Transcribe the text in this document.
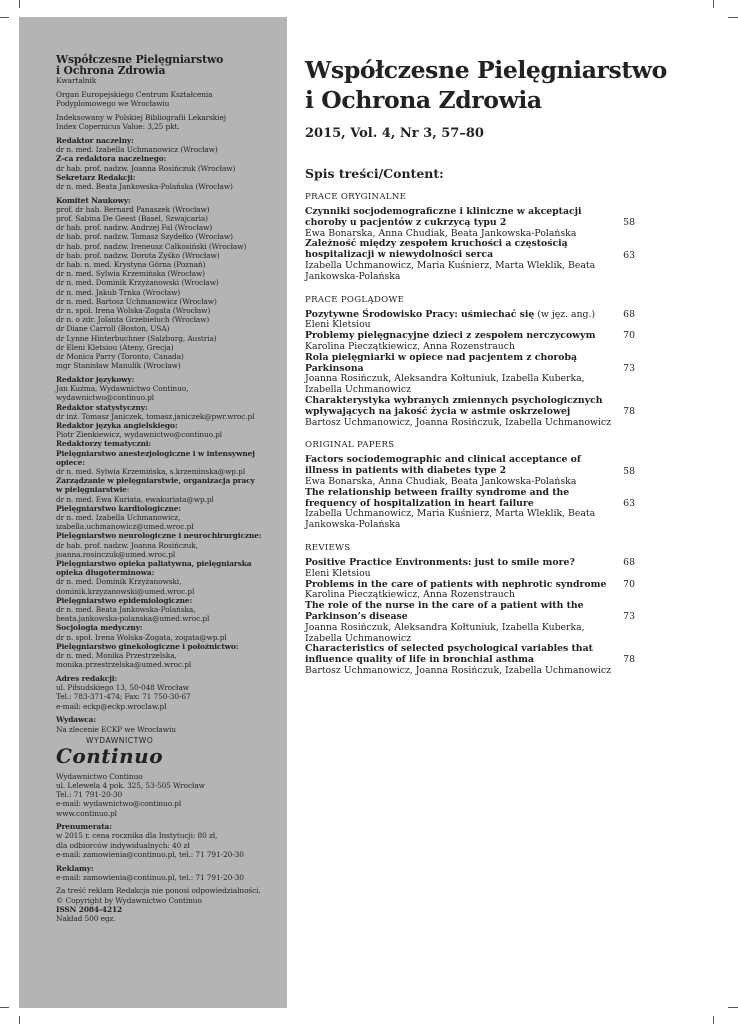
Współczesne Pielęgniarstwo
i Ochrona Zdrowia
Kwartalnik
Organ Europejskiego Centrum Kształcenia
Podyplomowego we Wrocławiu
Indeksowany w Polskiej Bibliografii Lekarskiej
Index Copernicus Value: 3,25 pkt.
Redaktor naczelny:
dr n. med. Izabella Uchmanowicz (Wrocław)
Z-ca redaktora naczelnego:
dr hab. prof. nadzw. Joanna Rosińczuk (Wrocław)
Sekretarz Redakcji:
dr n. med. Beata Jankowska-Polańska (Wrocław)
Komitet Naukowy:
prof. dr hab. Bernard Panaszek (Wrocław)
prof. Sabina De Geest (Basel, Szwajcaria)
dr hab. prof. nadzw. Andrzej Fal (Wrocław)
dr hab. prof. nadzw. Tomasz Szydełko (Wrocław)
dr hab. prof. nadzw. Ireneusz Całkosiński (Wrocław)
dr hab. prof. nadzw. Dorota Zyśko (Wrocław)
dr hab. n. med. Krystyna Górna (Poznań)
dr n. med. Sylwia Krzemińska (Wrocław)
dr n. med. Dominik Krzyżanowski (Wrocław)
dr n. med. Jakub Trnka (Wrocław)
dr n. med. Bartosz Uchmanowicz (Wrocław)
dr n. społ. Irena Wolska-Zogata (Wrocław)
dr n. o zdr. Jolanta Grzebieluch (Wrocław)
dr Diane Carroll (Boston, USA)
dr Lynne Hinterbuchner (Salzburg, Austria)
dr Eleni Kletsiou (Ateny, Grecja)
dr Monica Parry (Toronto, Canada)
mgr Stanisław Manulik (Wrocław)
Redaktor językowy:
Jan Kuźma, Wydawnictwo Continuo,
wydawnictwo@continuo.pl
Redaktor statystyczny:
dr inż. Tomasz Janiczek, tomasz.janiczek@pwr.wroc.pl
Redaktor języka angielskiego:
Piotr Zienkiewicz, wydawnictwo@continuo.pl
Redaktorzy tematyczni:
Pielęgniarstwo anestezjologiczne i w intensywnej
opiece:
dr n. med. Sylwia Krzemińska, s.krzeminska@wp.pl
Zarządzanie w pielęgniarstwie, organizacja pracy
w pielęgniarstwie:
dr n. med. Ewa Kuriata, ewakuriata@wp.pl
Pielęgniarstwo kardiologiczne:
dr n. med. Izabella Uchmanowicz,
izabella.uchmanowicz@umed.wroc.pl
Pielęgniarstwo neurologiczne i neurochirurgiczne:
dr hab. prof. nadzw. Joanna Rosińczuk,
joanna.rosinczuk@umed.wroc.pl
Pielęgniarstwo opieka paliatywna, pielęgniarska
opieka długoterminowa:
dr n. med. Dominik Krzyżanowski,
dominik.krzyzanowski@umed.wroc.pl
Pielęgniarstwo epidemiologiczne:
dr n. med. Beata Jankowska-Polańska,
beata.jankowska-polanska@umed.wroc.pl
Socjologia medyczny:
dr n. społ. Irena Wolska-Zogata, zogata@wp.pl
Pielęgniarstwo ginekologiczne i położnictwo:
dr n. med. Monika Przestrzelska,
monika.przestrzelska@umed.wroc.pl
Adres redakcji:
ul. Piłsudskiego 13, 50-048 Wrocław
Tel.: 783-371-474; Fax: 71 750-30-67
e-mail: eckp@eckp.wroclaw.pl
Wydawca:
Na zlecenie ECKP we Wrocławiu
WYDAWNICTWO
Continuo
Wydawnictwo Continuo
ul. Lelewela 4 pok. 325, 53-505 Wrocław
Tel.: 71 791-20-30
e-mail: wydawnictwo@continuo.pl
www.continuo.pl
Prenumerata:
w 2015 r. cena rocznika dla Instytucji: 80 zł,
dla odbiorców indywidualnych: 40 zł
e-mail: zamowienia@continuo.pl, tel.: 71 791-20-30
Reklamy:
e-mail: zamowienia@continuo.pl, tel.: 71 791-20-30
Za treść reklam Redakcja nie ponosi odpowiedzialności.
© Copyright by Wydawnictwo Continuo
ISSN 2084-4212
Nakład 500 egz.
Współczesne Pielęgniarstwo
i Ochrona Zdrowia
2015, Vol. 4, Nr 3, 57–80
Spis treści/Content:
PRACE ORYGINALNE
Czynniki socjodemograficzne i kliniczne w akceptacji choroby u pacjentów z cukrzycą typu 2
Ewa Bonarska, Anna Chudiak, Beata Jankowska-Polańska
58
Zależność między zespołem kruchości a częstością hospitalizacji w niewydolności serca
Izabella Uchmanowicz, Maria Kuśnierz, Marta Wleklik, Beata Jankowska-Polańska
63
PRACE POGLĄDOWE
Pozytywne Środowisko Pracy: uśmiechać się (w jęz. ang.)
Eleni Kletsiou
68
Problemy pielęgnacyjne dzieci z zespołem nerczycowym
Karolina Pieczątkiewicz, Anna Rozenstrauch
70
Rola pielęgniarki w opiece nad pacjentem z chorobą Parkinsona
Joanna Rosińczuk, Aleksandra Kołtuniuk, Izabella Kuberka, Izabella Uchmanowicz
73
Charakterystyka wybranych zmiennych psychologicznych wpływających na jakość życia w astmie oskrzelowej
Bartosz Uchmanowicz, Joanna Rosińczuk, Izabella Uchmanowicz
78
ORIGINAL PAPERS
Factors sociodemographic and clinical acceptance of illness in patients with diabetes type 2
Ewa Bonarska, Anna Chudiak, Beata Jankowska-Polańska
58
The relationship between frailty syndrome and the frequency of hospitalization in heart failure
Izabella Uchmanowicz, Maria Kuśnierz, Marta Wleklik, Beata Jankowska-Polańska
63
REVIEWS
Positive Practice Environments: just to smile more?
Eleni Kletsiou
68
Problems in the care of patients with nephrotic syndrome
Karolina Pieczątkiewicz, Anna Rozenstrauch
70
The role of the nurse in the care of a patient with the Parkinson’s disease
Joanna Rosińczuk, Aleksandra Kołtuniuk, Izabella Kuberka, Izabella Uchmanowicz
73
Characteristics of selected psychological variables that influence quality of life in bronchial asthma
Bartosz Uchmanowicz, Joanna Rosińczuk, Izabella Uchmanowicz
78
